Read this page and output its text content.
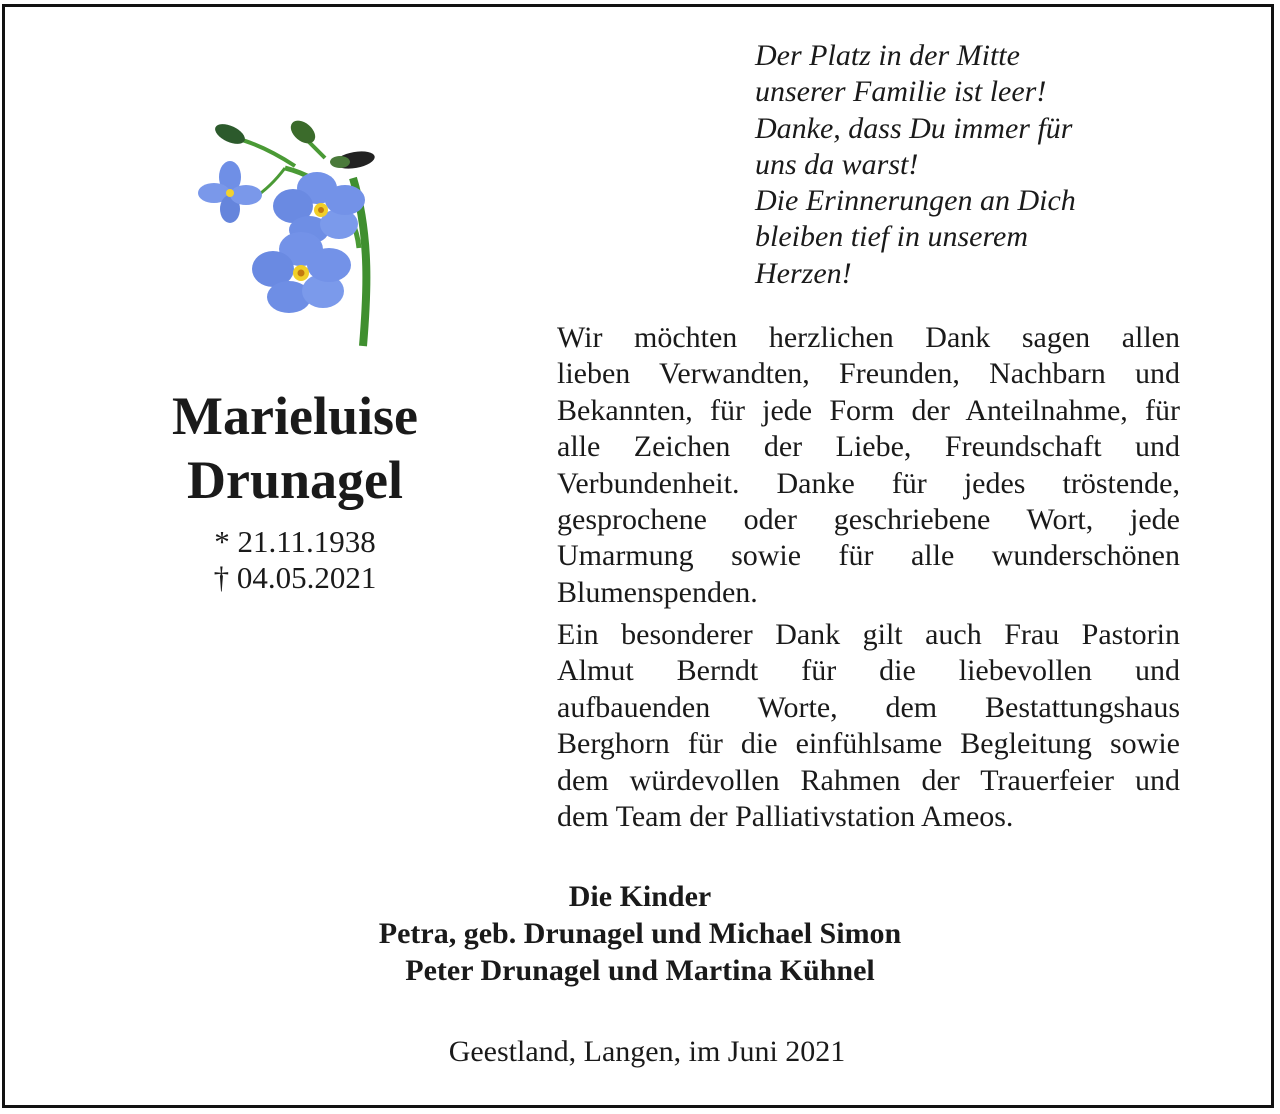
Der Platz in der Mitte
unserer Familie ist leer!
Danke, dass Du immer für
uns da warst!
Die Erinnerungen an Dich
bleiben tief in unserem
Herzen!
Marieluise
Drunagel
* 21.11.1938
† 04.05.2021
Wir möchten herzlichen Dank sagen allen
lieben Verwandten, Freunden, Nachbarn und
Bekannten, für jede Form der Anteilnahme, für
alle Zeichen der Liebe, Freundschaft und
Verbundenheit. Danke für jedes tröstende,
gesprochene oder geschriebene Wort, jede
Umarmung sowie für alle wunderschönen
Blumenspenden.
Ein besonderer Dank gilt auch Frau Pastorin
Almut Berndt für die liebevollen und
aufbauenden Worte, dem Bestattungshaus
Berghorn für die einfühlsame Begleitung sowie
dem würdevollen Rahmen der Trauerfeier und
dem Team der Palliativstation Ameos.
Die Kinder
Petra, geb. Drunagel und Michael Simon
Peter Drunagel und Martina Kühnel
Geestland, Langen, im Juni 2021
